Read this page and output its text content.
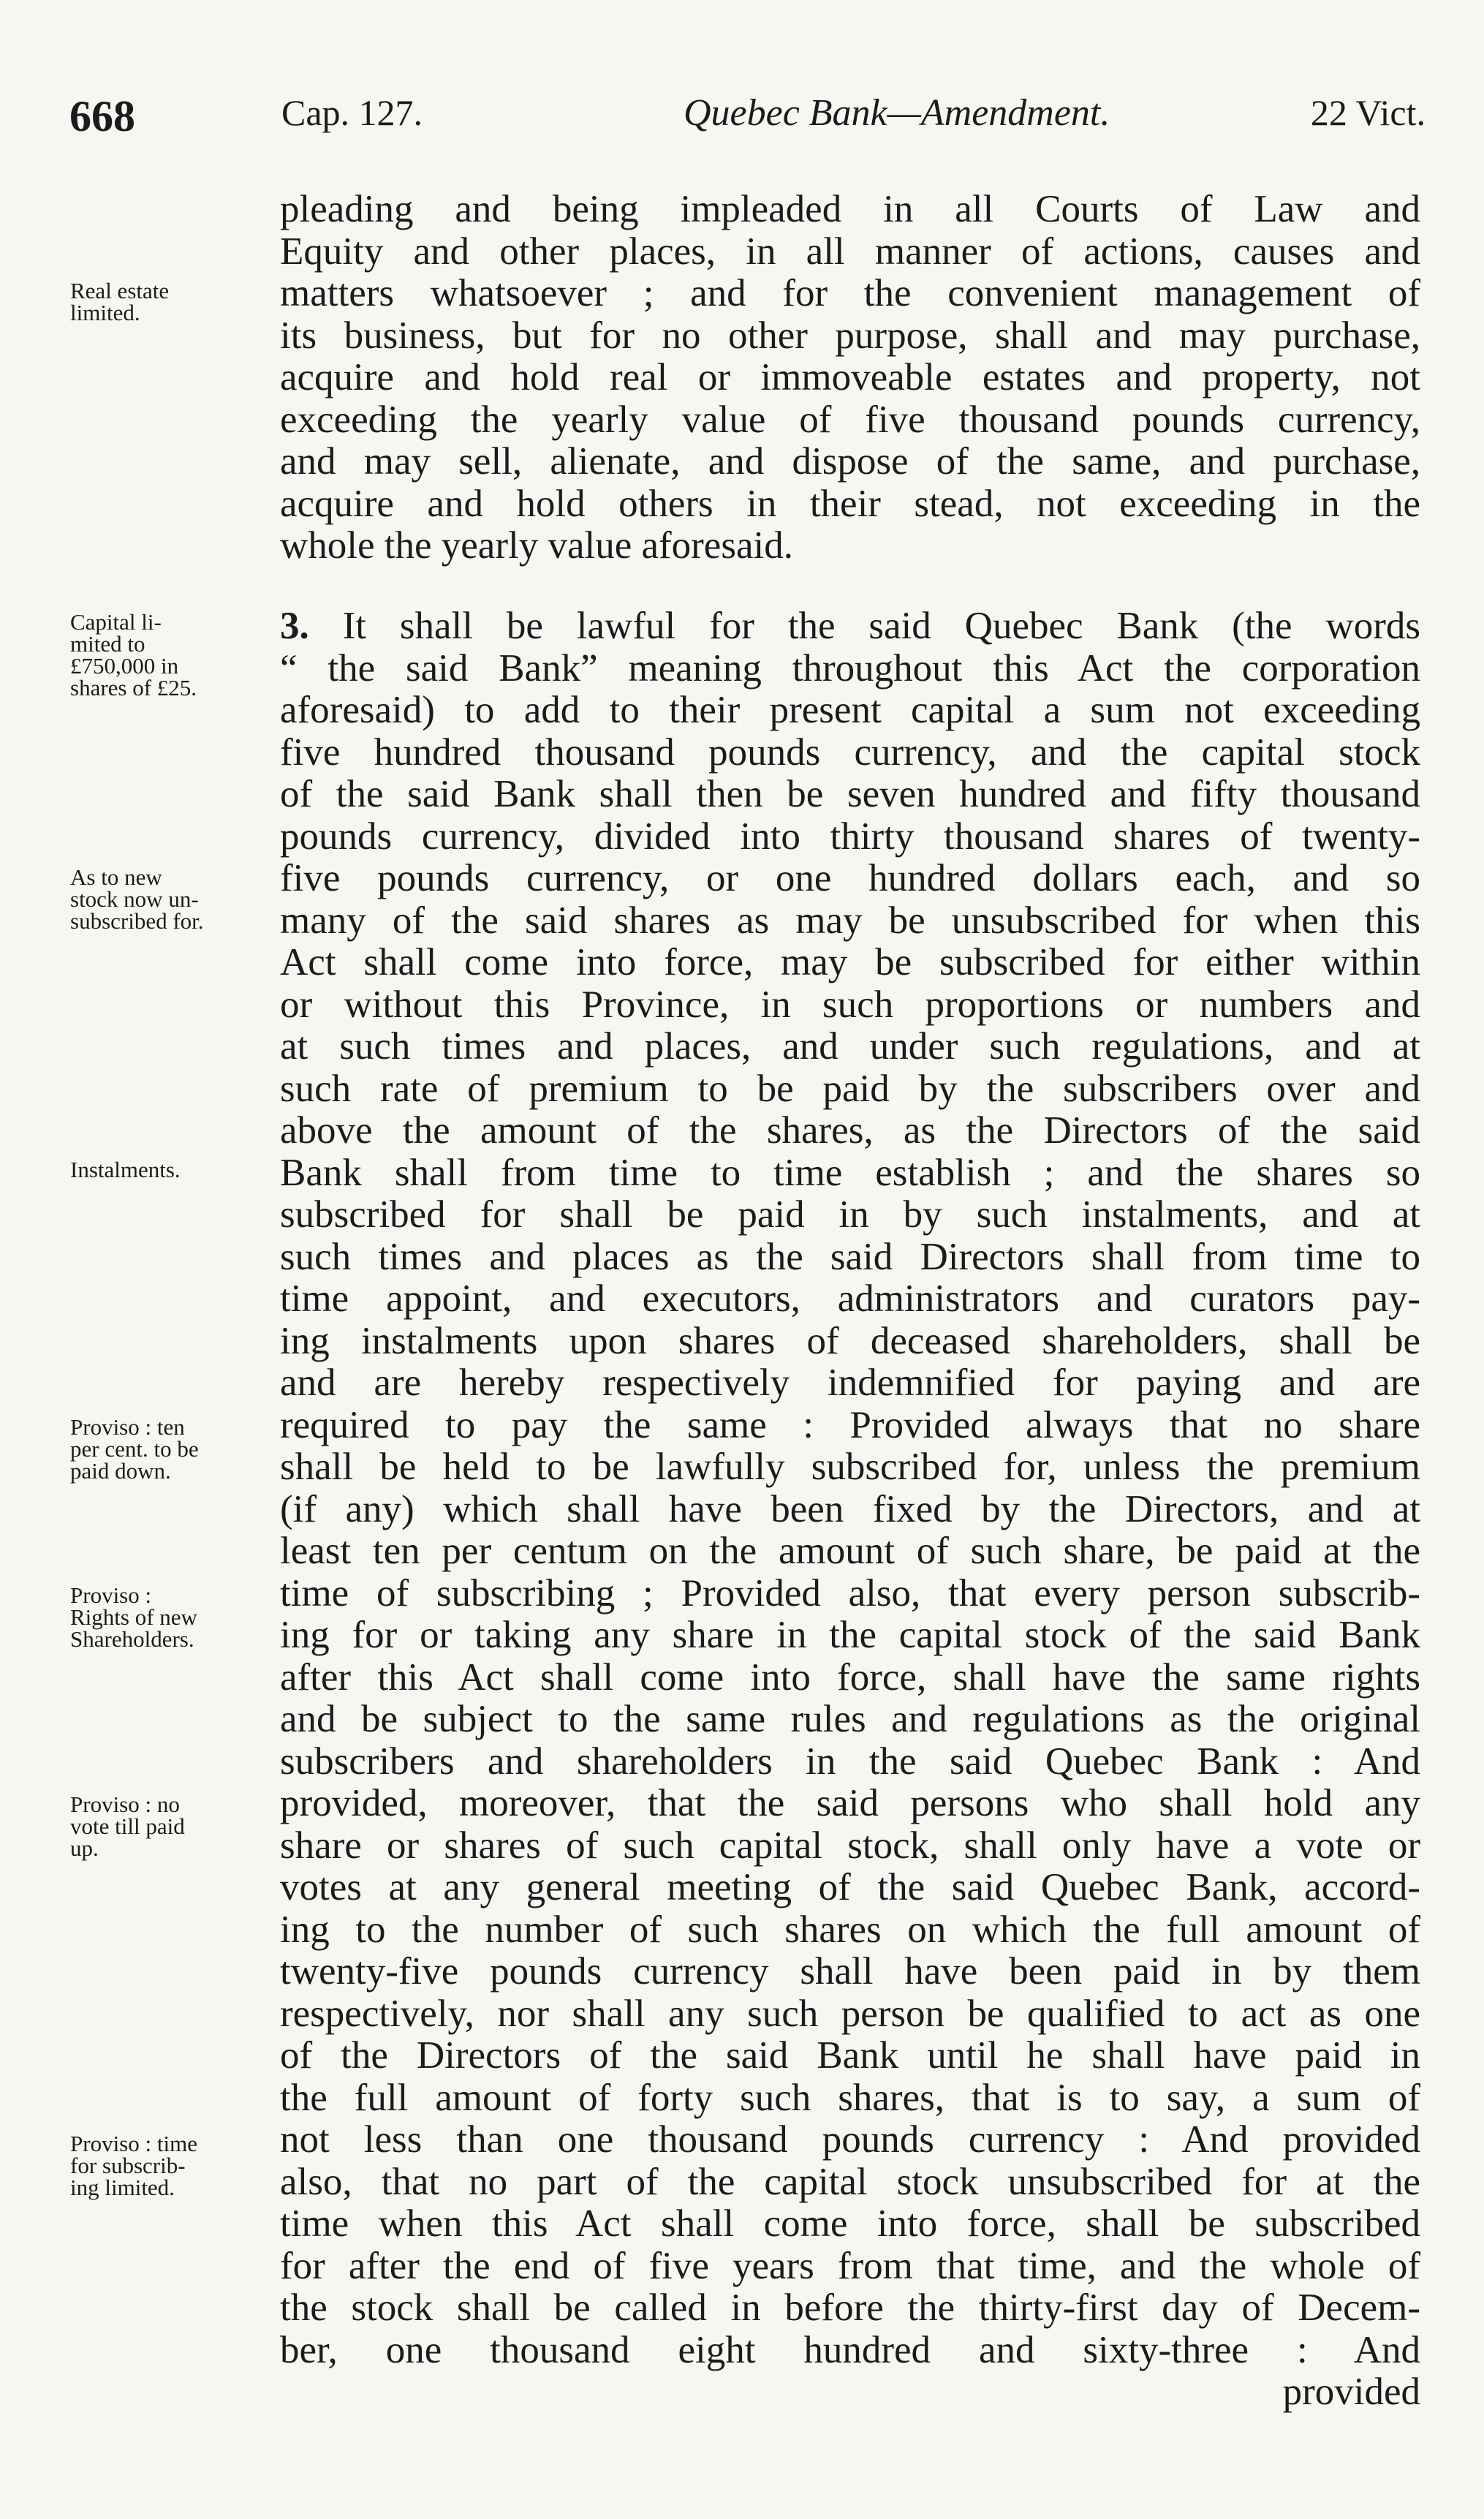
668	Cap. 127.	Quebec Bank—Amendment.	22 Vict.
pleading and being impleaded in all Courts of Law and
Equity and other places, in all manner of actions, causes and
matters whatsoever ; and for the convenient management of
its business, but for no other purpose, shall and may purchase,
acquire and hold real or immoveable estates and property, not
exceeding the yearly value of five thousand pounds currency,
and may sell, alienate, and dispose of the same, and purchase,
acquire and hold others in their stead, not exceeding in the
whole the yearly value aforesaid.
3. It shall be lawful for the said Quebec Bank (the words
“ the said Bank” meaning throughout this Act the corporation
aforesaid) to add to their present capital a sum not exceeding
five hundred thousand pounds currency, and the capital stock
of the said Bank shall then be seven hundred and fifty thousand
pounds currency, divided into thirty thousand shares of twenty-
five pounds currency, or one hundred dollars each, and so
many of the said shares as may be unsubscribed for when this
Act shall come into force, may be subscribed for either within
or without this Province, in such proportions or numbers and
at such times and places, and under such regulations, and at
such rate of premium to be paid by the subscribers over and
above the amount of the shares, as the Directors of the said
Bank shall from time to time establish ; and the shares so
subscribed for shall be paid in by such instalments, and at
such times and places as the said Directors shall from time to
time appoint, and executors, administrators and curators pay-
ing instalments upon shares of deceased shareholders, shall be
and are hereby respectively indemnified for paying and are
required to pay the same : Provided always that no share
shall be held to be lawfully subscribed for, unless the premium
(if any) which shall have been fixed by the Directors, and at
least ten per centum on the amount of such share, be paid at the
time of subscribing ; Provided also, that every person subscrib-
ing for or taking any share in the capital stock of the said Bank
after this Act shall come into force, shall have the same rights
and be subject to the same rules and regulations as the original
subscribers and shareholders in the said Quebec Bank : And
provided, moreover, that the said persons who shall hold any
share or shares of such capital stock, shall only have a vote or
votes at any general meeting of the said Quebec Bank, accord-
ing to the number of such shares on which the full amount of
twenty-five pounds currency shall have been paid in by them
respectively, nor shall any such person be qualified to act as one
of the Directors of the said Bank until he shall have paid in
the full amount of forty such shares, that is to say, a sum of
not less than one thousand pounds currency : And provided
also, that no part of the capital stock unsubscribed for at the
time when this Act shall come into force, shall be subscribed
for after the end of five years from that time, and the whole of
the stock shall be called in before the thirty-first day of Decem-
ber, one thousand eight hundred and sixty-three : And
provided
Real estate
limited.
Capital li-
mited to
£750,000 in
shares of £25.
As to new
stock now un-
subscribed for.
Instalments.
Proviso : ten
per cent. to be
paid down.
Proviso :
Rights of new
Shareholders.
Proviso : no
vote till paid
up.
Proviso : time
for subscrib-
ing limited.
